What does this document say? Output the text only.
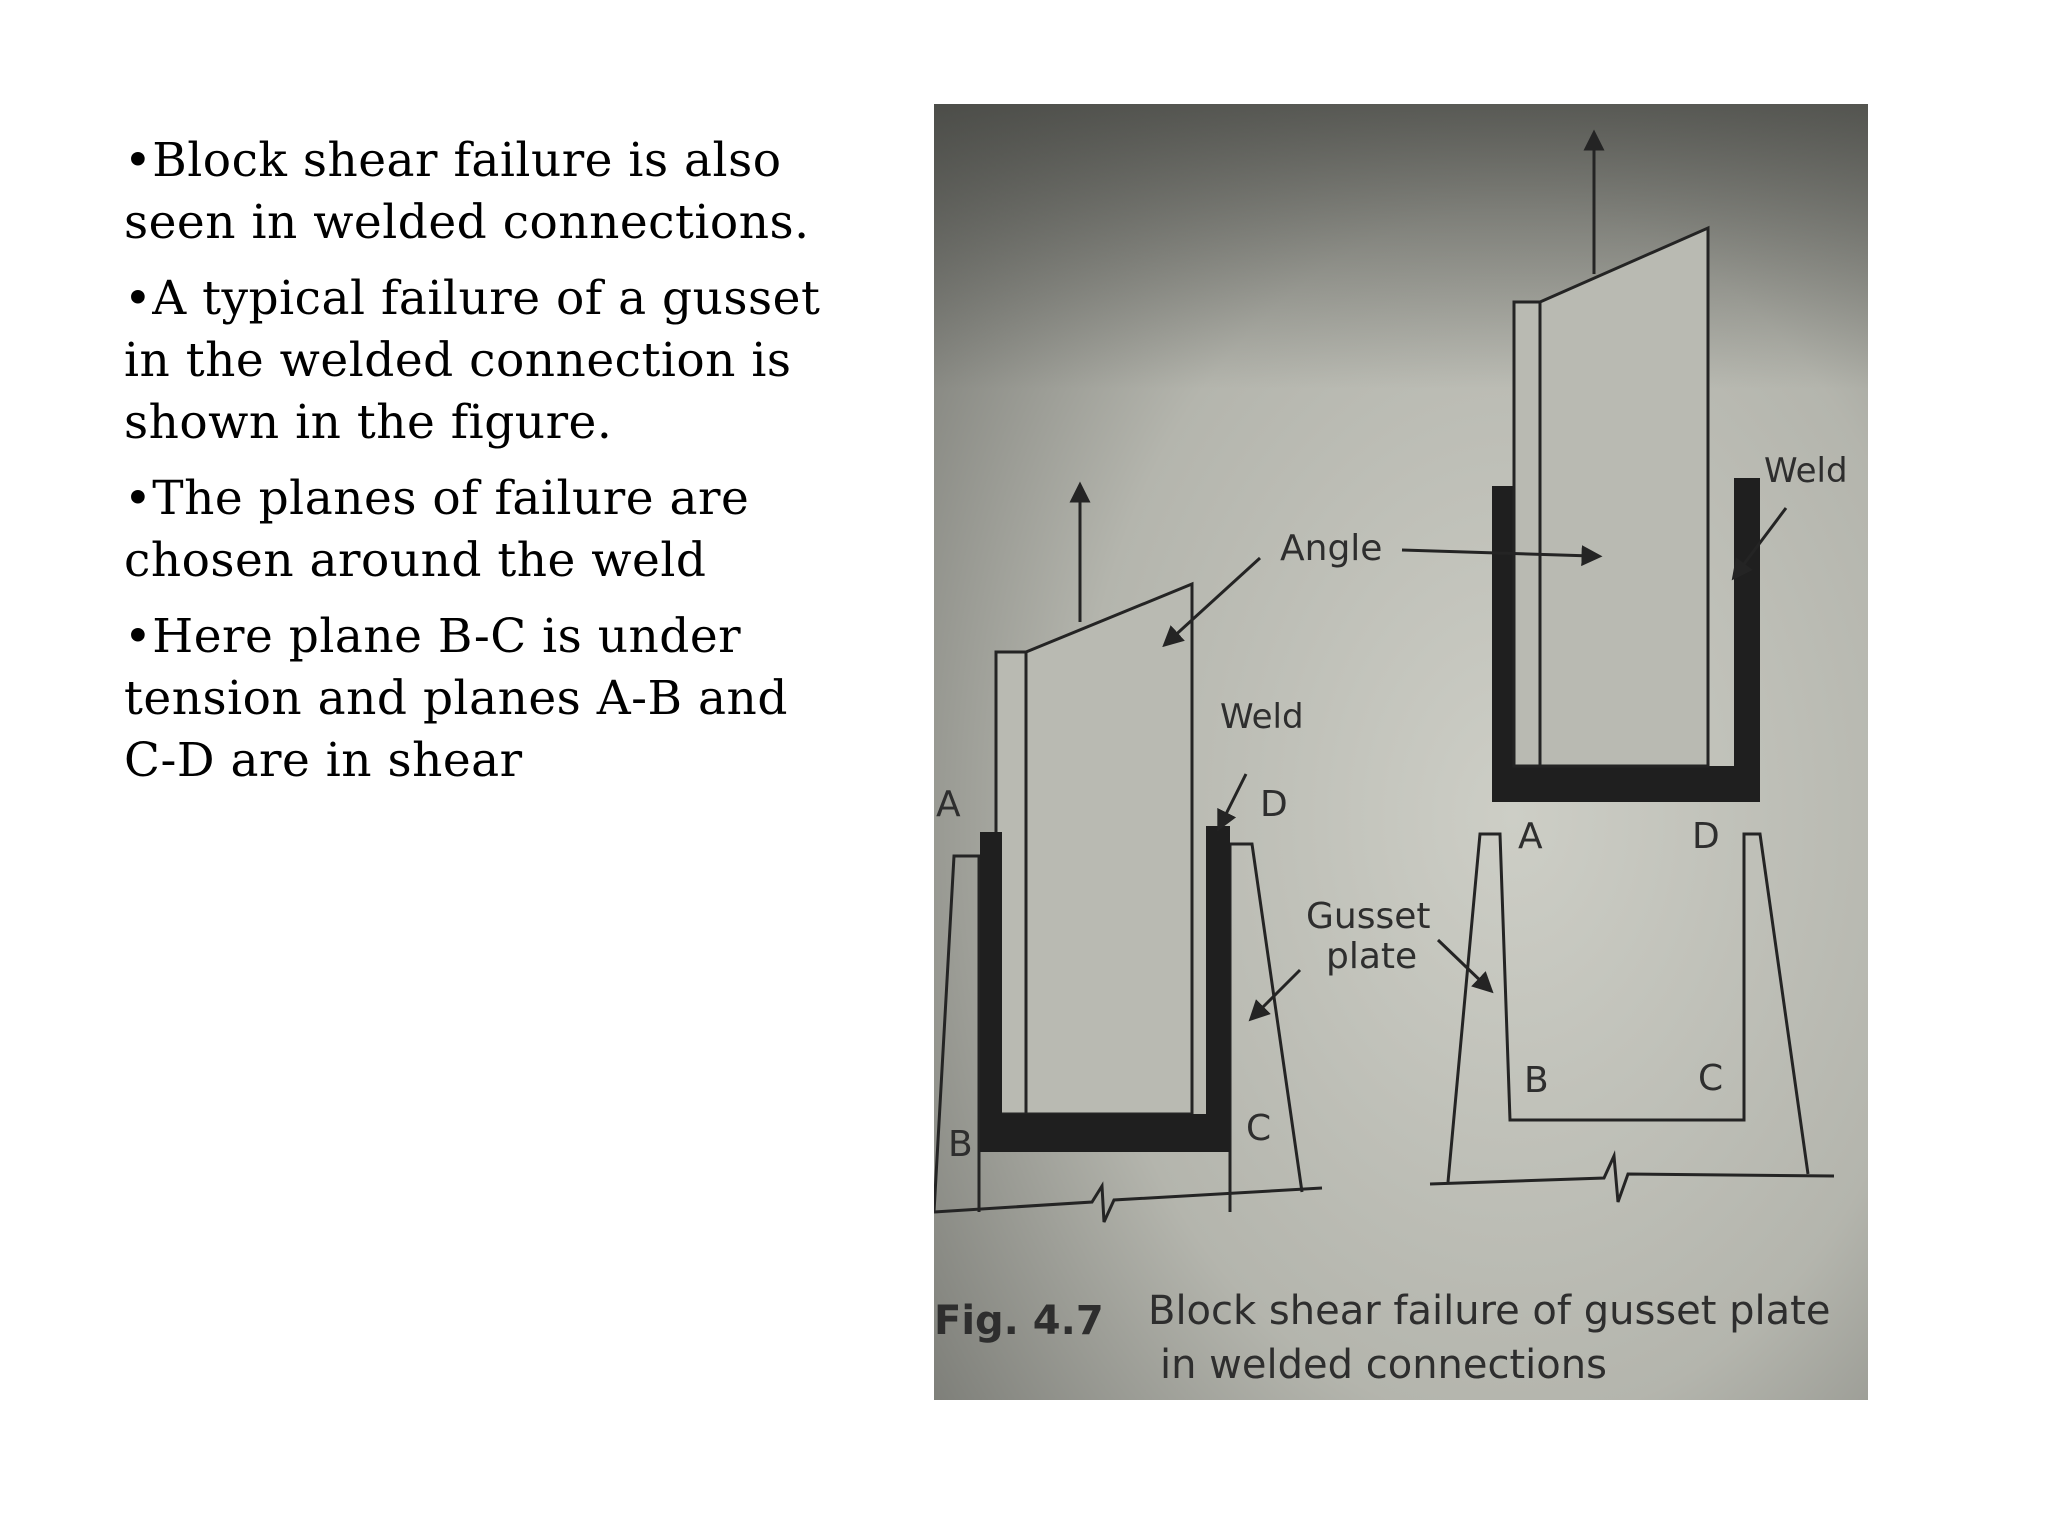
•Block shear failure is also seen in welded connections.
•A typical failure of a gusset in the welded connection is shown in the figure.
•The planes of failure are chosen around the weld
•Here plane B-C is under tension and planes A-B and C-D are in shear
Angle
Weld
Weld
Gusset
plate
A
B	C
D
A
B	C
D
Fig. 4.7 Block shear failure of gusset plate
in welded connections
